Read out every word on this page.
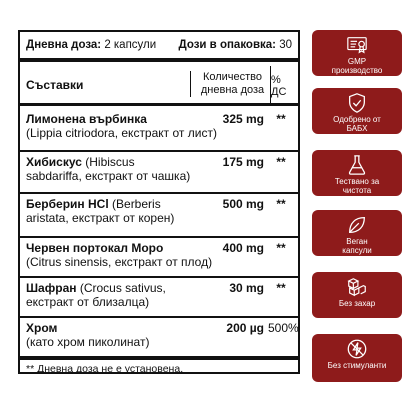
Дневна доза: 2 капсули Дози в опаковка: 30
Съставки
Количество
дневна доза
% ДС
Лимонена върбинка
(Lippia citriodora, екстракт от лист)
325 mg	**
Хибискус (Hibiscus
sabdariffa, екстракт от чашка)
175 mg	**
Берберин HCl (Berberis
aristata, екстракт от корен)
500 mg	**
Червен портокал Моро
(Citrus sinensis, екстракт от плод)
400 mg	**
Шафран (Crocus sativus,
екстракт от близалца)
30 mg	**
Хром
(като хром пиколинат)
200 µg 500%
** Дневна доза не е установена.
GMP
производство
Одобрено от
БАБХ
Тествано за
чистота
Веган
капсули
Без захар
Без стимуланти
